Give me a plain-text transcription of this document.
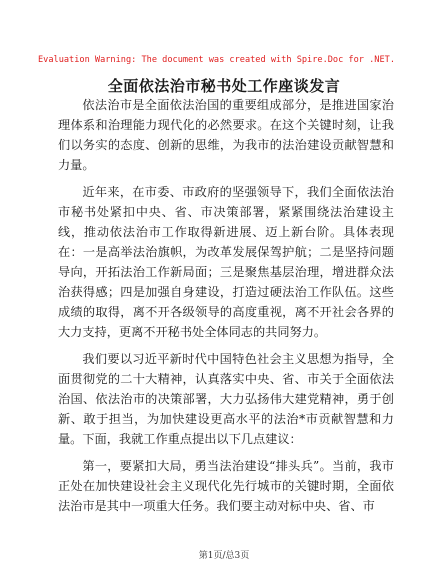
Evaluation Warning: The document was created with Spire.Doc for .NET.
全面依法治市秘书处工作座谈发言

依法治市是全面依法治国的重要组成部分，是推进国家治理体系和治理能力现代化的必然要求。在这个关键时刻，让我们以务实的态度、创新的思维，为我市的法治建设贡献智慧和力量。

近年来，在市委、市政府的坚强领导下，我们全面依法治市秘书处紧扣中央、省、市决策部署，紧紧围绕法治建设主线，推动依法治市工作取得新进展、迈上新台阶。具体表现在：一是高举法治旗帜，为改革发展保驾护航；二是坚持问题导向，开拓法治工作新局面；三是聚焦基层治理，增进群众法治获得感；四是加强自身建设，打造过硬法治工作队伍。这些成绩的取得，离不开各级领导的高度重视，离不开社会各界的大力支持，更离不开秘书处全体同志的共同努力。

我们要以习近平新时代中国特色社会主义思想为指导，全面贯彻党的二十大精神，认真落实中央、省、市关于全面依法治国、依法治市的决策部署，大力弘扬伟大建党精神，勇于创新、敢于担当，为加快建设更高水平的法治*市贡献智慧和力量。下面，我就工作重点提出以下几点建议：

第一，要紧扣大局，勇当法治建设“排头兵”。当前，我市正处在加快建设社会主义现代化先行城市的关键时期，全面依法治市是其中一项重大任务。我们要主动对标中央、省、市

第1页/总3页
